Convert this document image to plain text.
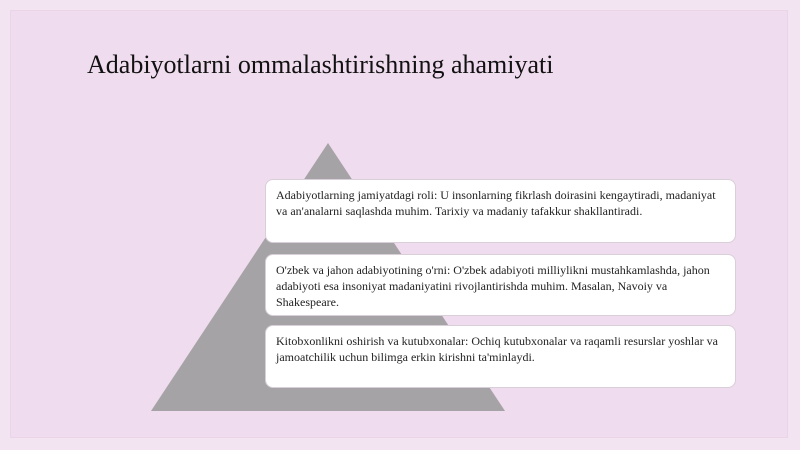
Adabiyotlarni ommalashtirishning ahamiyati
Adabiyotlarning jamiyatdagi roli: U insonlarning fikrlash doirasini kengaytiradi, madaniyat va an'analarni saqlashda muhim. Tarixiy va madaniy tafakkur shakllantiradi.
O'zbek va jahon adabiyotining o'rni: O'zbek adabiyoti milliylikni mustahkamlashda, jahon adabiyoti esa insoniyat madaniyatini rivojlantirishda muhim. Masalan, Navoiy va Shakespeare.
Kitobxonlikni oshirish va kutubxonalar: Ochiq kutubxonalar va raqamli resurslar yoshlar va jamoatchilik uchun bilimga erkin kirishni ta'minlaydi.
